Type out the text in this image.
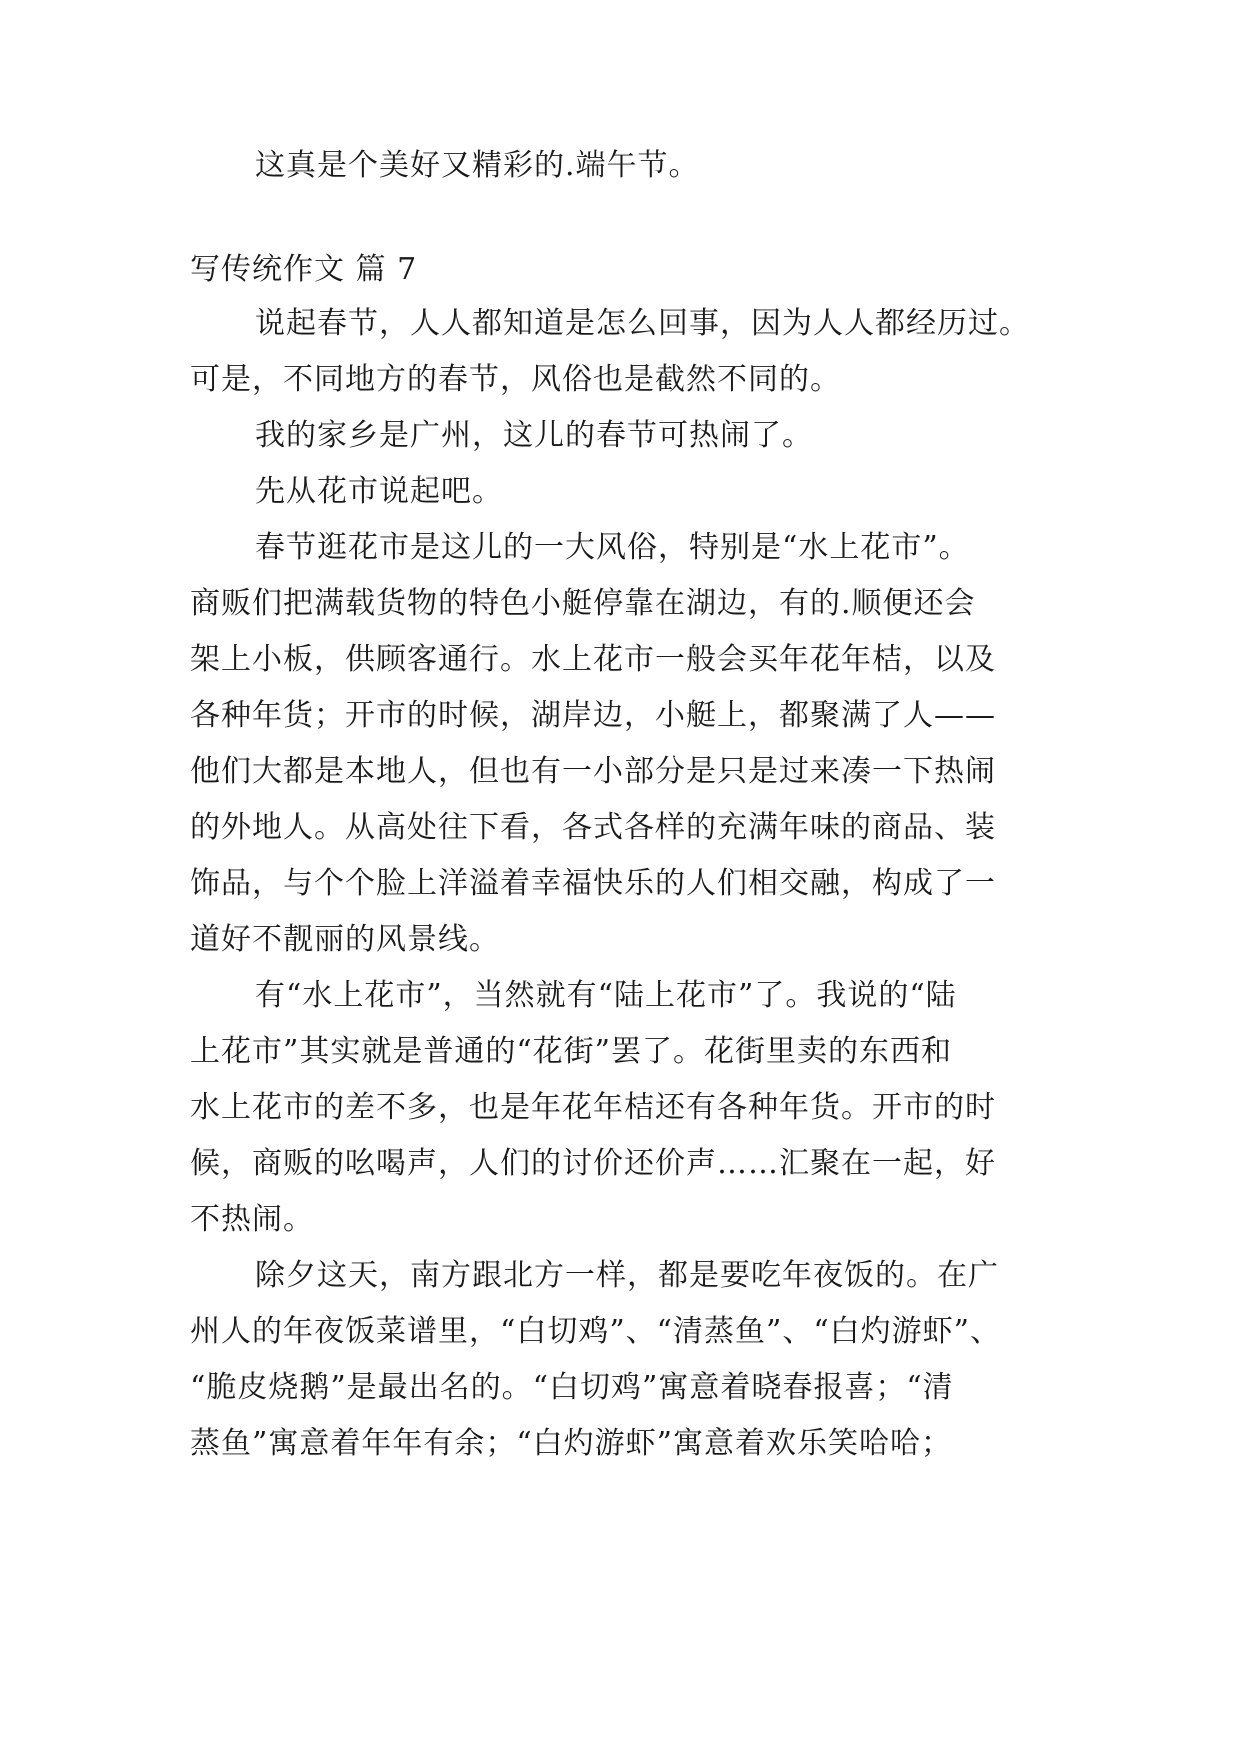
这真是个美好又精彩的.端午节。
写传统作文 篇 7
说起春节，人人都知道是怎么回事，因为人人都经历过。
可是，不同地方的春节，风俗也是截然不同的。
我的家乡是广州，这儿的春节可热闹了。
先从花市说起吧。
春节逛花市是这儿的一大风俗，特别是“水上花市”。
商贩们把满载货物的特色小艇停靠在湖边，有的.顺便还会
架上小板，供顾客通行。水上花市一般会买年花年桔，以及
各种年货；开市的时候，湖岸边，小艇上，都聚满了人——
他们大都是本地人，但也有一小部分是只是过来凑一下热闹
的外地人。从高处往下看，各式各样的充满年味的商品、装
饰品，与个个脸上洋溢着幸福快乐的人们相交融，构成了一
道好不靓丽的风景线。
有“水上花市”，当然就有“陆上花市”了。我说的“陆
上花市”其实就是普通的“花街”罢了。花街里卖的东西和
水上花市的差不多，也是年花年桔还有各种年货。开市的时
候，商贩的吆喝声，人们的讨价还价声……汇聚在一起，好
不热闹。
除夕这天，南方跟北方一样，都是要吃年夜饭的。在广
州人的年夜饭菜谱里，“白切鸡”、“清蒸鱼”、“白灼游虾”、
“脆皮烧鹅”是最出名的。“白切鸡”寓意着晓春报喜；“清
蒸鱼”寓意着年年有余；“白灼游虾”寓意着欢乐笑哈哈；
